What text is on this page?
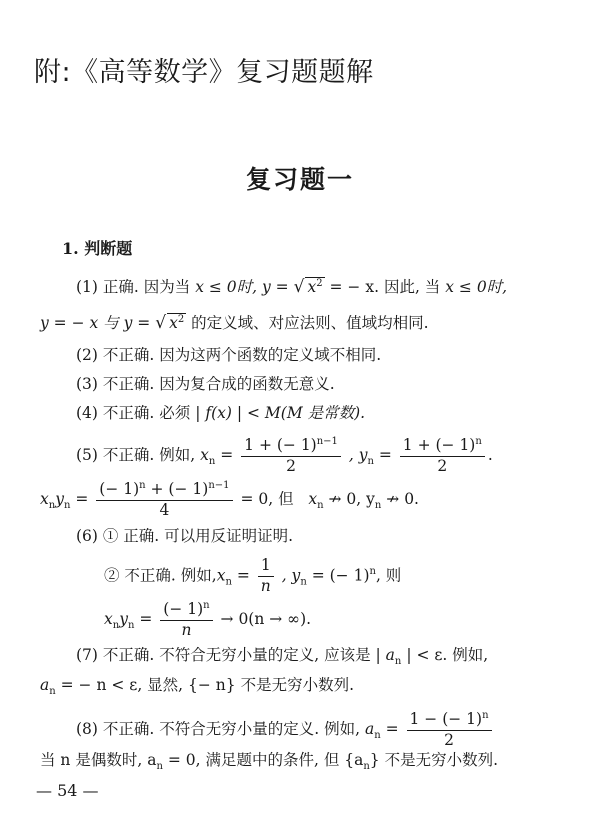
附:《高等数学》复习题题解
复习题一
1. 判断题
(1) 正确. 因为当 x ≤ 0时, y = √ $x^2$ = − x. 因此, 当 x ≤ 0时,
y = − x 与 y = √ $x^2$ 的定义域、对应法则、值域均相同.
(2) 不正确. 因为这两个函数的定义域不相同.
(3) 不正确. 因为复合成的函数无意义.
(4) 不正确. 必须 | f(x) | < M(M 是常数).
(5) 不正确. 例如, $x_n = \frac{1 + (- 1)^{n-1}}{2}$ , $y_n = \frac{1 + (- 1)^n}{2}$ .
$x_ny_n = \frac{(- 1)^n + (- 1)^{n-1}}{4} = 0$, 但 $x_n$ ↛ 0, $y_n$ ↛ 0.
(6) ① 正确. 可以用反证明证明.
② 不正确. 例如$,x_n = \frac{1}{n}$ , $y_n$ = (− 1)$^n$, 则
$x_ny_n = \frac{(- 1)^n}{n} \to 0(n$ → ∞).
(7) 不正确. 不符合无穷小量的定义, 应该是 | $a_n$ | < ε. 例如,
$a_n$ = − n < ε, 显然, {− n} 不是无穷小数列.
(8) 不正确. 不符合无穷小量的定义. 例如, $a_n = \frac{1 - (- 1)^n}{2}$
当 n 是偶数时, $a_n = 0$, 满足题中的条件, 但 $\{a_n\}$ 不是无穷小数列.
— 54 —
